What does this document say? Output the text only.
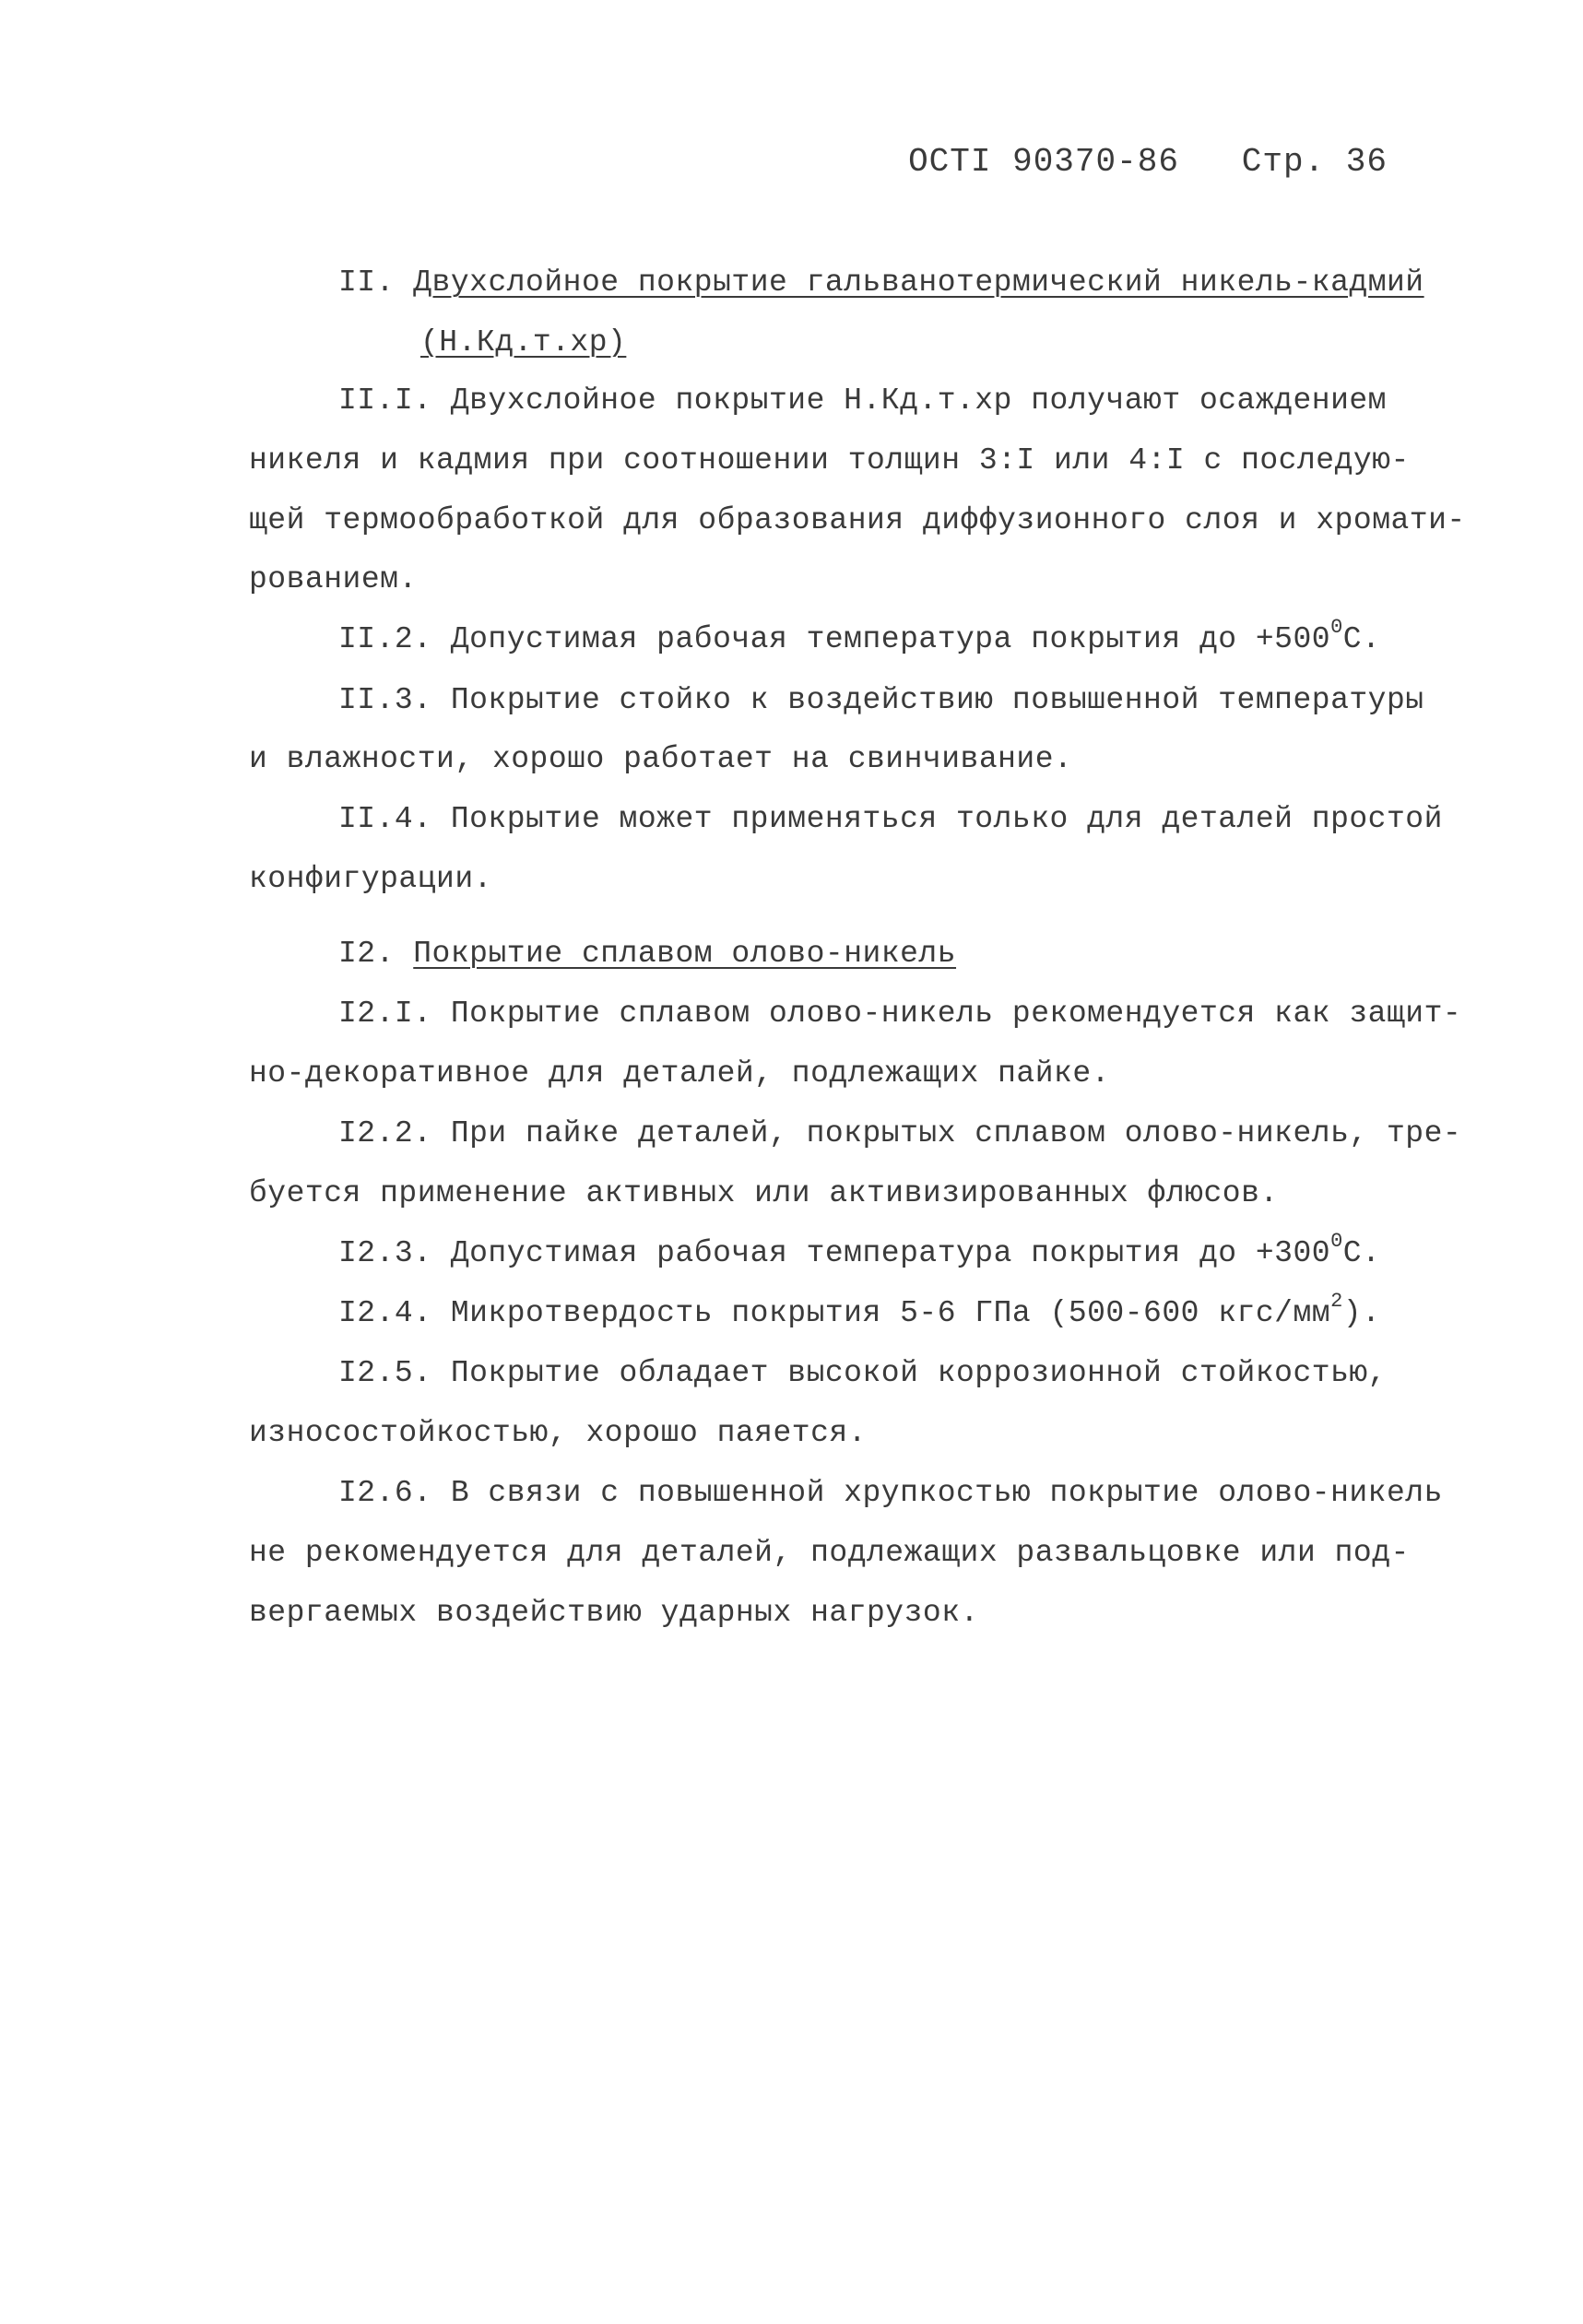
ОСТI 90370-86 Стр. 36
II. Двухслойное покрытие гальванотермический никель-кадмий
(Н.Кд.т.хр)
II.I. Двухслойное покрытие Н.Кд.т.хр получают осаждением
никеля и кадмия при соотношении толщин 3:I или 4:I с последую-
щей термообработкой для образования диффузионного слоя и хромати-
рованием.
II.2. Допустимая рабочая температура покрытия до $+500^0С$.
II.3. Покрытие стойко к воздействию повышенной температуры
и влажности, хорошо работает на свинчивание.
II.4. Покрытие может применяться только для деталей простой
конфигурации.
I2. Покрытие сплавом олово-никель
I2.I. Покрытие сплавом олово-никель рекомендуется как защит-
но-декоративное для деталей, подлежащих пайке.
I2.2. При пайке деталей, покрытых сплавом олово-никель, тре-
буется применение активных или активизированных флюсов.
I2.3. Допустимая рабочая температура покрытия до $+300^0С$.
I2.4. Микротвердость покрытия 5-6 ГПа (500-600 кгс/$мм^2$).
I2.5. Покрытие обладает высокой коррозионной стойкостью,
износостойкостью, хорошо паяется.
I2.6. В связи с повышенной хрупкостью покрытие олово-никель
не рекомендуется для деталей, подлежащих развальцовке или под-
вергаемых воздействию ударных нагрузок.
